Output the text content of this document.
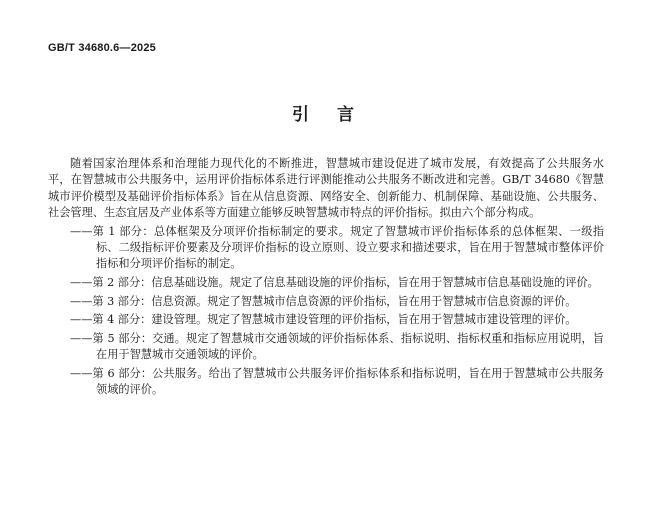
GB/T 34680.6—2025
引言

随着国家治理体系和治理能力现代化的不断推进，智慧城市建设促进了城市发展，有效提高了公共服务水平，在智慧城市公共服务中，运用评价指标体系进行评测能推动公共服务不断改进和完善。GB/T 34680《智慧城市评价模型及基础评价指标体系》旨在从信息资源、网络安全、创新能力、机制保障、基础设施、公共服务、社会管理、生态宜居及产业体系等方面建立能够反映智慧城市特点的评价指标。拟由六个部分构成。

——第 1 部分：总体框架及分项评价指标制定的要求。规定了智慧城市评价指标体系的总体框架、一级指标、二级指标评价要素及分项评价指标的设立原则、设立要求和描述要求，旨在用于智慧城市整体评价指标和分项评价指标的制定。

——第 2 部分：信息基础设施。规定了信息基础设施的评价指标，旨在用于智慧城市信息基础设施的评价。

——第 3 部分：信息资源。规定了智慧城市信息资源的评价指标，旨在用于智慧城市信息资源的评价。

——第 4 部分：建设管理。规定了智慧城市建设管理的评价指标，旨在用于智慧城市建设管理的评价。

——第 5 部分：交通。规定了智慧城市交通领域的评价指标体系、指标说明、指标权重和指标应用说明，旨在用于智慧城市交通领域的评价。

——第 6 部分：公共服务。给出了智慧城市公共服务评价指标体系和指标说明，旨在用于智慧城市公共服务领域的评价。
